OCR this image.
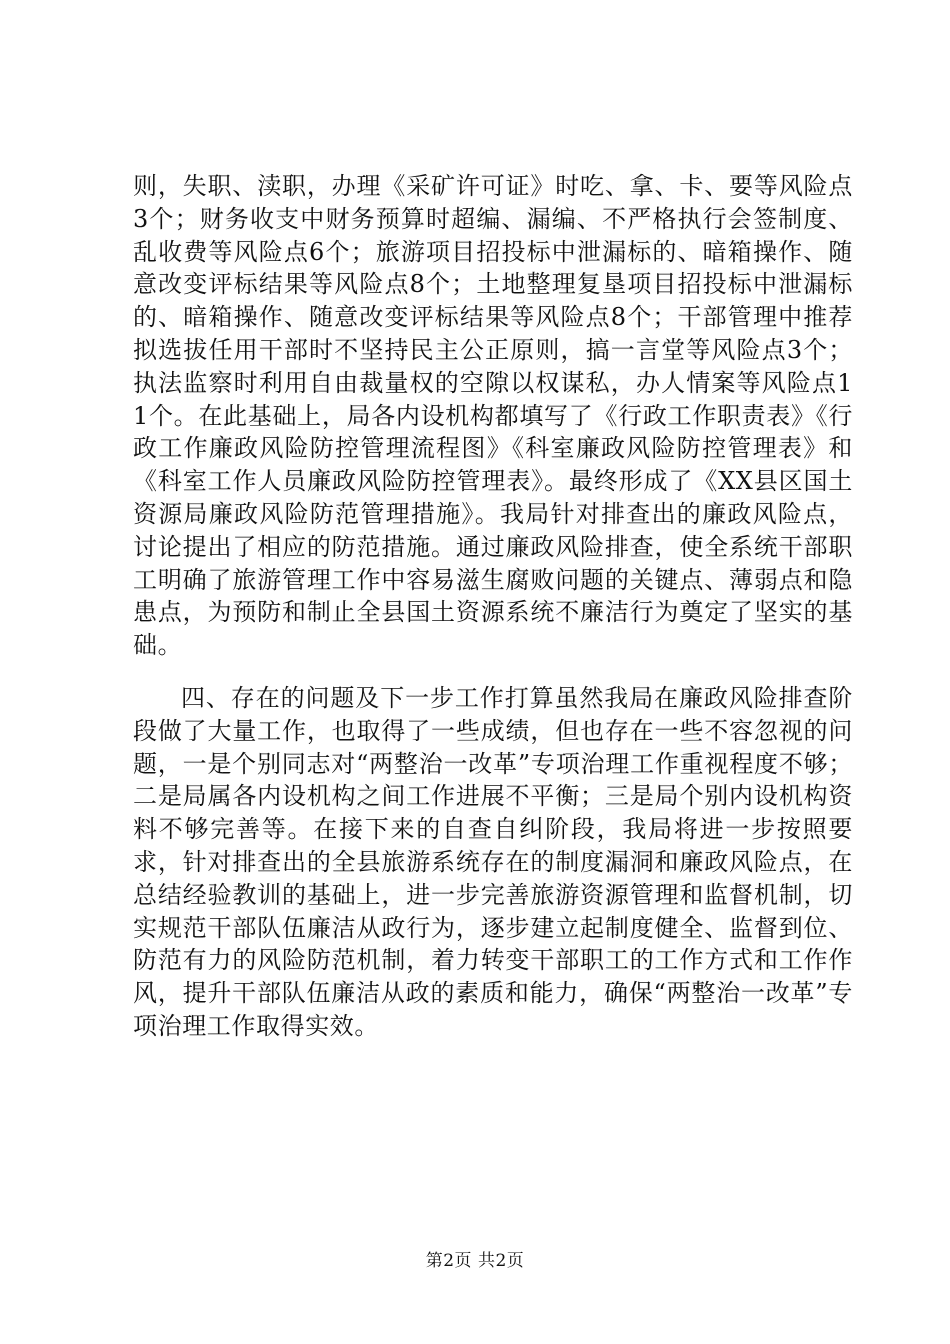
则，失职、渎职，办理《采矿许可证》时吃、拿、卡、要等风险点3个；财务收支中财务预算时超编、漏编、不严格执行会签制度、乱收费等风险点6个；旅游项目招投标中泄漏标的、暗箱操作、随意改变评标结果等风险点8个；土地整理复垦项目招投标中泄漏标的、暗箱操作、随意改变评标结果等风险点8个；干部管理中推荐拟选拔任用干部时不坚持民主公正原则，搞一言堂等风险点3个；执法监察时利用自由裁量权的空隙以权谋私，办人情案等风险点11个。在此基础上，局各内设机构都填写了《行政工作职责表》《行政工作廉政风险防控管理流程图》《科室廉政风险防控管理表》和《科室工作人员廉政风险防控管理表》。最终形成了《XX县区国土资源局廉政风险防范管理措施》。我局针对排查出的廉政风险点，讨论提出了相应的防范措施。通过廉政风险排查，使全系统干部职工明确了旅游管理工作中容易滋生腐败问题的关键点、薄弱点和隐患点，为预防和制止全县国土资源系统不廉洁行为奠定了坚实的基础。

四、存在的问题及下一步工作打算虽然我局在廉政风险排查阶段做了大量工作，也取得了一些成绩，但也存在一些不容忽视的问题，一是个别同志对“两整治一改革”专项治理工作重视程度不够；二是局属各内设机构之间工作进展不平衡；三是局个别内设机构资料不够完善等。在接下来的自查自纠阶段，我局将进一步按照要求，针对排查出的全县旅游系统存在的制度漏洞和廉政风险点，在总结经验教训的基础上，进一步完善旅游资源管理和监督机制，切实规范干部队伍廉洁从政行为，逐步建立起制度健全、监督到位、防范有力的风险防范机制，着力转变干部职工的工作方式和工作作风，提升干部队伍廉洁从政的素质和能力，确保“两整治一改革”专项治理工作取得实效。

第2页 共2页
